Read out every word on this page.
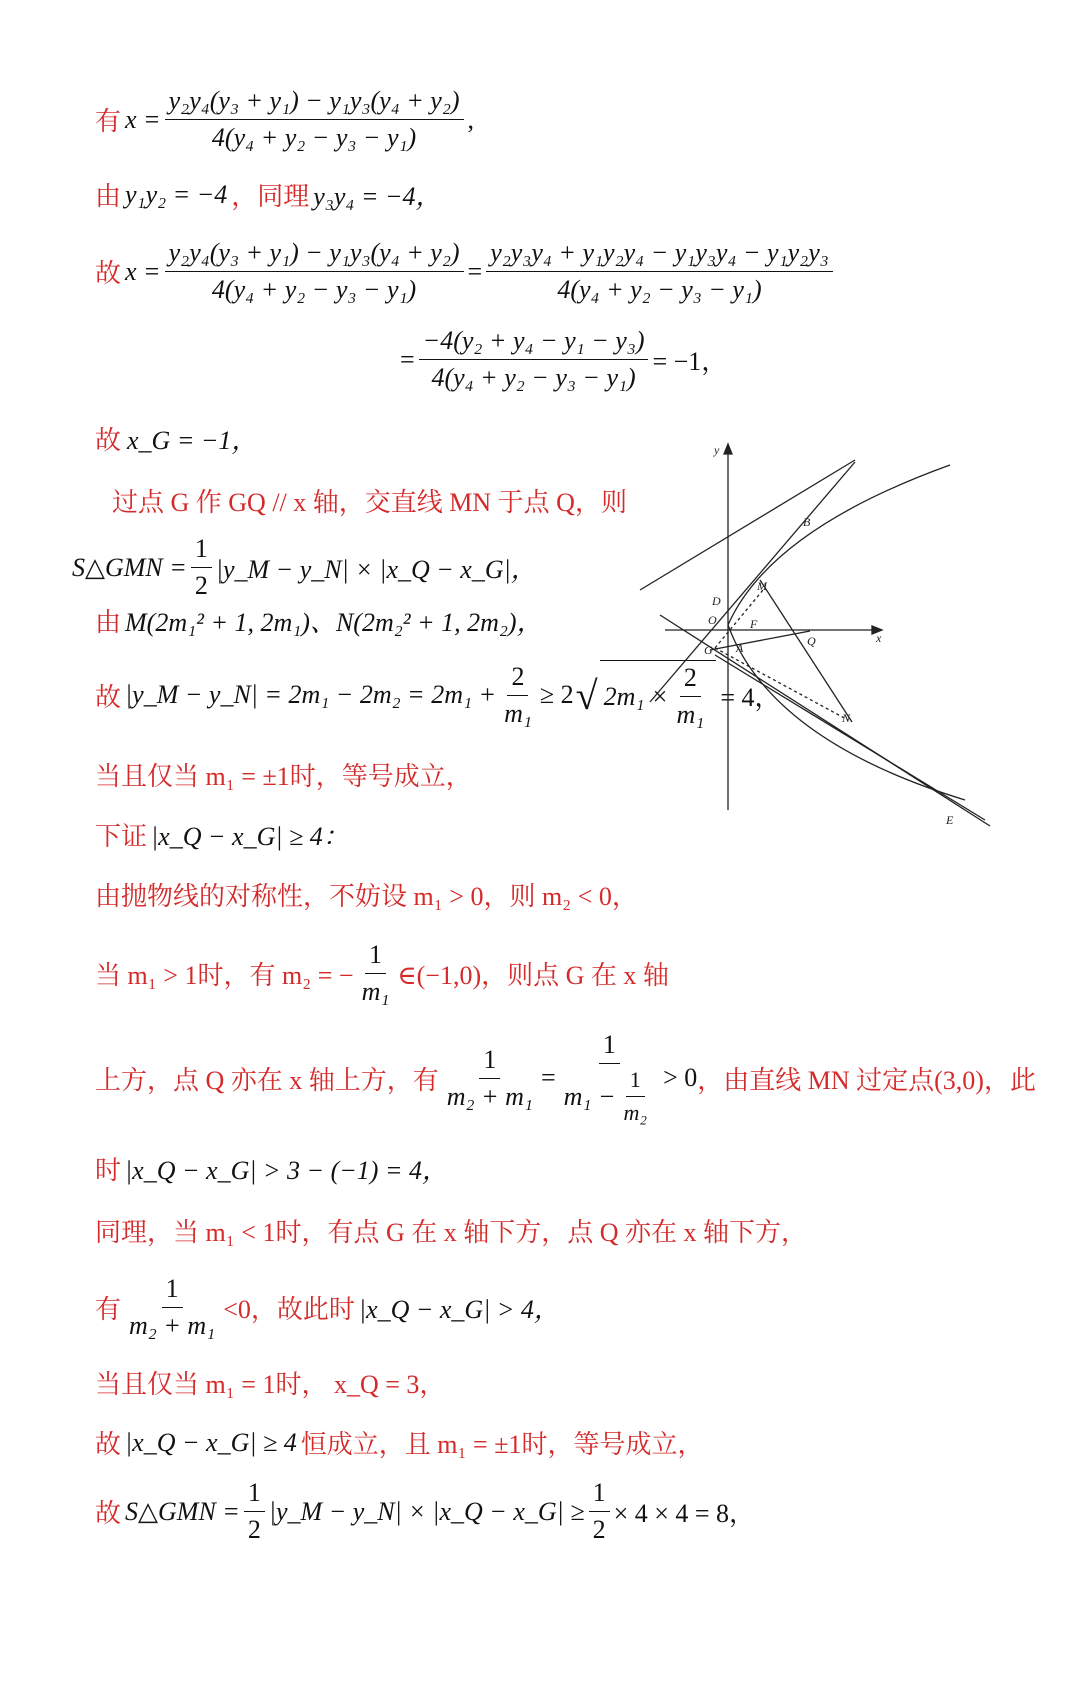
有 $x = \frac{\text{y₂y₄(y₃ + y₁) − y₁y₃(y₄ + y₂)}}{\text{4(y₄ + y₂ − y₃ − y₁)}}$ ,
由 y₁y₂ = −4 ，同理 y₃y₄ = −4，
故 $x = \frac{\text{y₂y₄(y₃ + y₁) − y₁y₃(y₄ + y₂)}}{\text{4(y₄ + y₂ − y₃ − y₁)}} = \frac{\text{y₂y₃y₄ + y₁y₂y₄ − y₁y₃y₄ − y₁y₂y₃}}{\text{4(y₄ + y₂ − y₃ − y₁)}}$
= $\frac{\text{−4(y₂ + y₄ − y₁ − y₃)}}{\text{4(y₄ + y₂ − y₃ − y₁)}} = -1$，
故 x_G = −1，
过点 G 作 GQ // x 轴，交直线 MN 于点 Q，则
S△GMN = $\frac{1}{2}$ |y_M − y_N| × |x_Q − x_G|，
由 M(2m₁² + 1, 2m₁)、N(2m₂² + 1, 2m₂)，
故 |y_M − y_N| = $2m_1 - 2m_2 = 2m_1 + \frac{2}{\text{m₁}} \ge 2$ √ $2m_1 \times \frac{2}{\text{m₁}} = 4$，
当且仅当 m₁ = ±1时，等号成立，
下证 |x_Q − x_G| ≥ 4：
由抛物线的对称性，不妨设 m₁ > 0，则 m₂ < 0，
当 m₁ > 1时，有 m₂ = − $\frac{1}{\text{m₁}}$ ∈(−1,0)，则点 G 在 x 轴
上方，点 Q 亦在 x 轴上方，有 $\frac{1}{\text{m₂ + m₁}} = \frac{1}{m_1 - \frac{1}{\text{m₂}}} > 0$ ，由直线 MN 过定点(3,0)，此
时 |x_Q − x_G| > 3 − (−1) = 4，
同理，当 m₁ < 1时，有点 G 在 x 轴下方，点 Q 亦在 x 轴下方，
有 $\frac{1}{\text{m₂ + m₁}} <0$，故此时 |x_Q − x_G| > 4，
当且仅当 m₁ = 1时， x_Q = 3，
故 |x_Q − x_G| ≥ 4 恒成立，且 m₁ = ±1时，等号成立，
故 S△GMN = $\frac{1}{2}$ |y_M − y_N| × |x_Q − x_G| ≥ $\frac{1}{2} \times 4 \times 4 = 8$，
y
x
B
M
D
O	F
Q
G A
N
E
